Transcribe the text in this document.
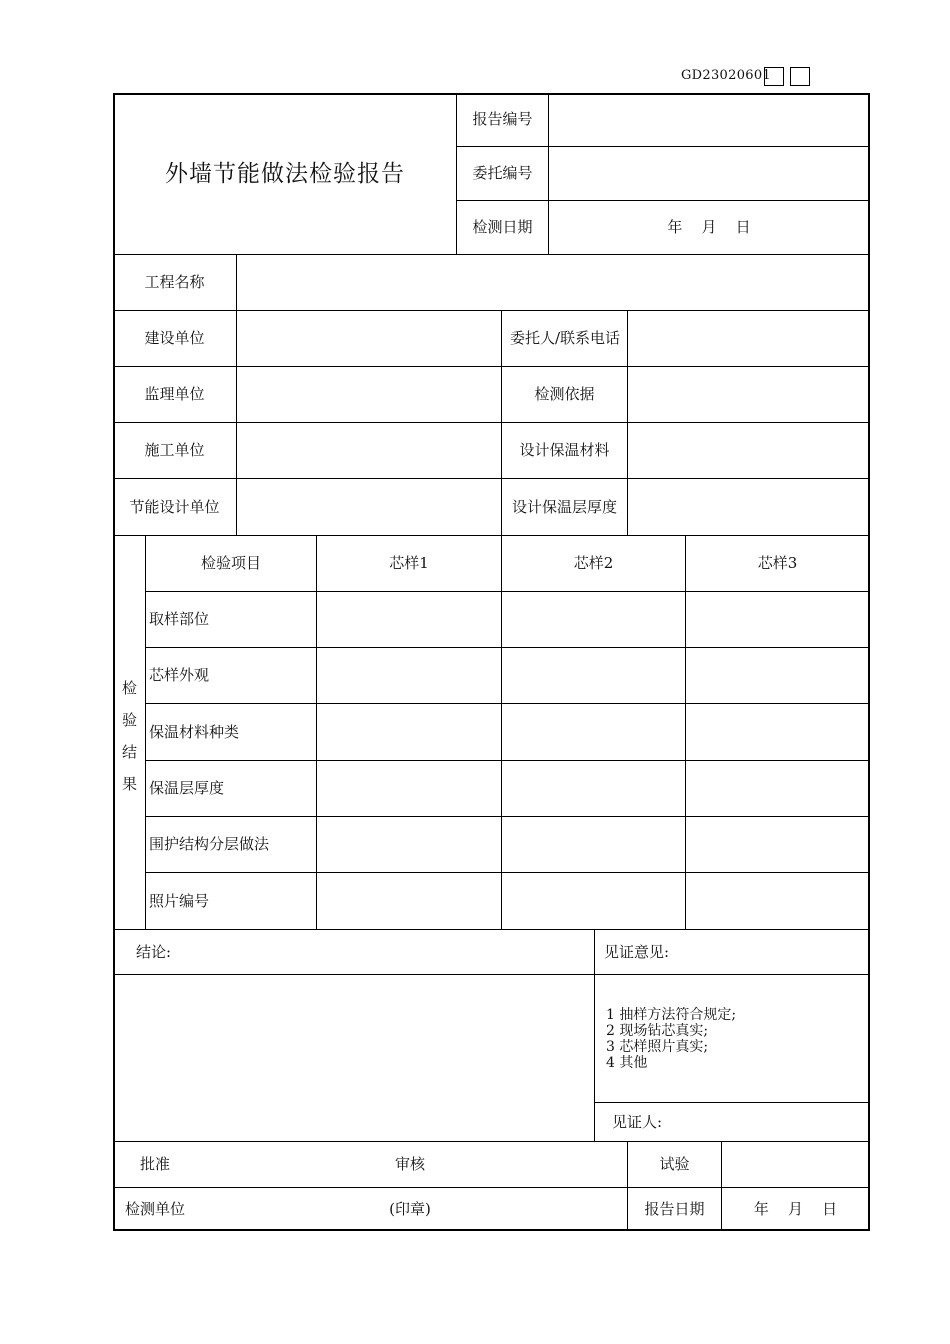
GD23020601
外墙节能做法检验报告
报告编号
委托编号
检测日期	年    月    日
工程名称
建设单位	委托人/联系电话
监理单位	检测依据
施工单位	设计保温材料
节能设计单位	设计保温层厚度
检
验
结
果
检验项目	芯样1	芯样2	芯样3
取样部位
芯样外观
保温材料种类
保温层厚度
围护结构分层做法
照片编号
结论:	见证意见:
1 抽样方法符合规定;
2 现场钻芯真实;
3 芯样照片真实;
4 其他
见证人:
批准	审核	试验
检测单位	(印章)	报告日期	年    月    日
